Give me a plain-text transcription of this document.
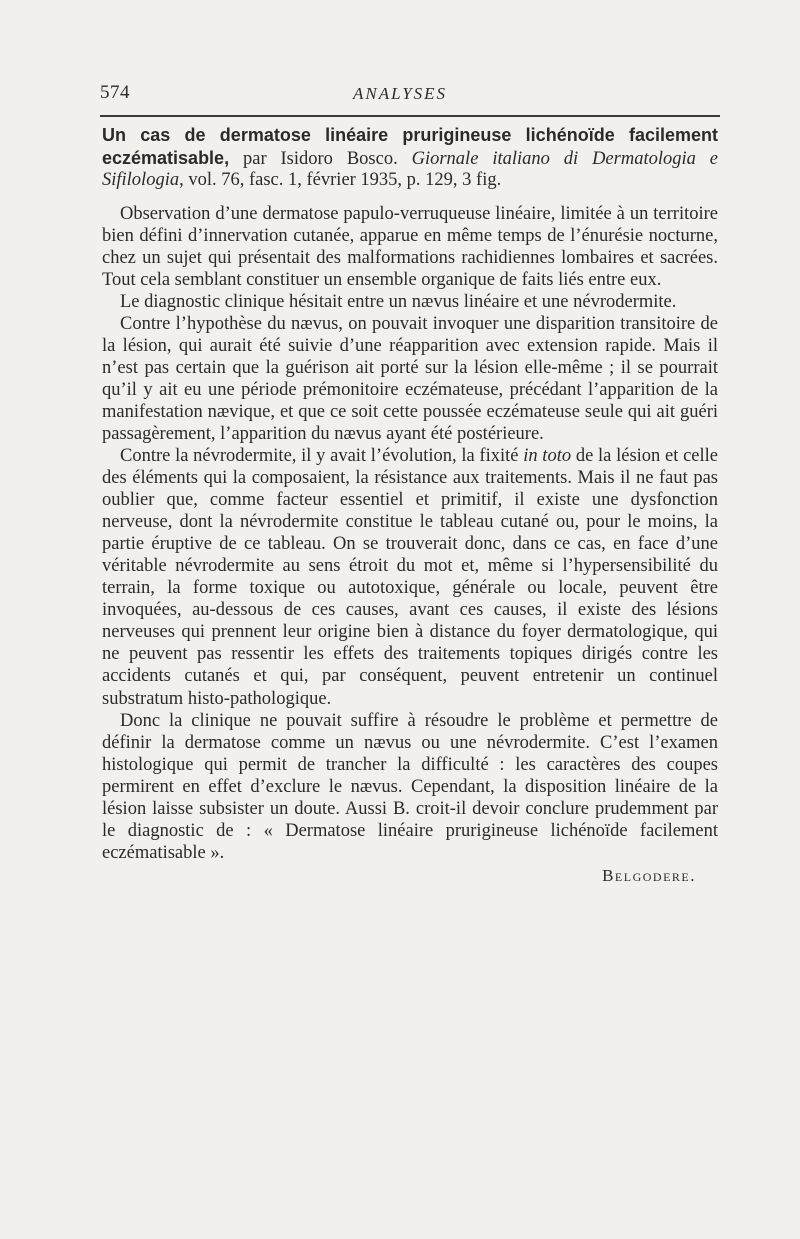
574	ANALYSES
Un cas de dermatose linéaire prurigineuse lichénoïde facilement eczématisable, par Isidoro Bosco. Giornale italiano di Dermatologia e Sifilologia, vol. 76, fasc. 1, février 1935, p. 129, 3 fig.

Observation d’une dermatose papulo-verruqueuse linéaire, limitée à un territoire bien défini d’innervation cutanée, apparue en même temps de l’énurésie nocturne, chez un sujet qui présentait des malformations rachidiennes lombaires et sacrées. Tout cela semblant constituer un ensemble organique de faits liés entre eux.

Le diagnostic clinique hésitait entre un nævus linéaire et une névrodermite.

Contre l’hypothèse du nævus, on pouvait invoquer une disparition transitoire de la lésion, qui aurait été suivie d’une réapparition avec extension rapide. Mais il n’est pas certain que la guérison ait porté sur la lésion elle-même ; il se pourrait qu’il y ait eu une période prémonitoire eczémateuse, précédant l’apparition de la manifestation nævique, et que ce soit cette poussée eczémateuse seule qui ait guéri passagèrement, l’apparition du nævus ayant été postérieure.

Contre la névrodermite, il y avait l’évolution, la fixité in toto de la lésion et celle des éléments qui la composaient, la résistance aux traitements. Mais il ne faut pas oublier que, comme facteur essentiel et primitif, il existe une dysfonction nerveuse, dont la névrodermite constitue le tableau cutané ou, pour le moins, la partie éruptive de ce tableau. On se trouverait donc, dans ce cas, en face d’une véritable névrodermite au sens étroit du mot et, même si l’hypersensibilité du terrain, la forme toxique ou autotoxique, générale ou locale, peuvent être invoquées, au-dessous de ces causes, avant ces causes, il existe des lésions nerveuses qui prennent leur origine bien à distance du foyer dermatologique, qui ne peuvent pas ressentir les effets des traitements topiques dirigés contre les accidents cutanés et qui, par conséquent, peuvent entretenir un continuel substratum histo-pathologique.

Donc la clinique ne pouvait suffire à résoudre le problème et permettre de définir la dermatose comme un nævus ou une névrodermite. C’est l’examen histologique qui permit de trancher la difficulté : les caractères des coupes permirent en effet d’exclure le nævus. Cependant, la disposition linéaire de la lésion laisse subsister un doute. Aussi B. croit-il devoir conclure prudemment par le diagnostic de : « Dermatose linéaire prurigineuse lichénoïde facilement eczématisable ».

Belgodere.
